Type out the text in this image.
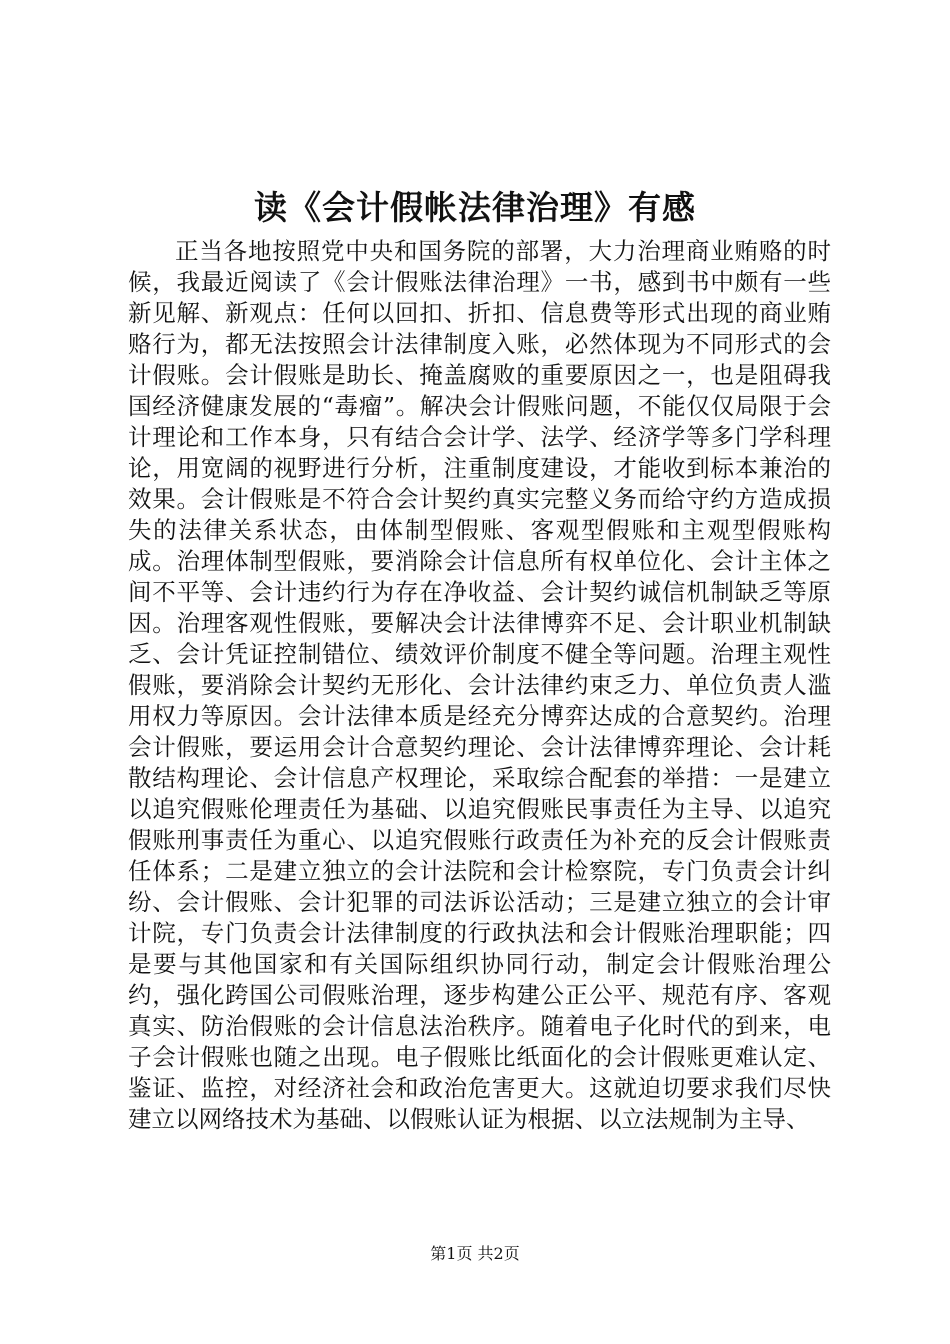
读《会计假帐法律治理》有感

正当各地按照党中央和国务院的部署，大力治理商业贿赂的时候，我最近阅读了《会计假账法律治理》一书，感到书中颇有一些新见解、新观点：任何以回扣、折扣、信息费等形式出现的商业贿赂行为，都无法按照会计法律制度入账，必然体现为不同形式的会计假账。会计假账是助长、掩盖腐败的重要原因之一，也是阻碍我国经济健康发展的“毒瘤”。解决会计假账问题，不能仅仅局限于会计理论和工作本身，只有结合会计学、法学、经济学等多门学科理论，用宽阔的视野进行分析，注重制度建设，才能收到标本兼治的效果。会计假账是不符合会计契约真实完整义务而给守约方造成损失的法律关系状态，由体制型假账、客观型假账和主观型假账构成。治理体制型假账，要消除会计信息所有权单位化、会计主体之间不平等、会计违约行为存在净收益、会计契约诚信机制缺乏等原因。治理客观性假账，要解决会计法律博弈不足、会计职业机制缺乏、会计凭证控制错位、绩效评价制度不健全等问题。治理主观性假账，要消除会计契约无形化、会计法律约束乏力、单位负责人滥用权力等原因。会计法律本质是经充分博弈达成的合意契约。治理会计假账，要运用会计合意契约理论、会计法律博弈理论、会计耗散结构理论、会计信息产权理论，采取综合配套的举措：一是建立以追究假账伦理责任为基础、以追究假账民事责任为主导、以追究假账刑事责任为重心、以追究假账行政责任为补充的反会计假账责任体系；二是建立独立的会计法院和会计检察院，专门负责会计纠纷、会计假账、会计犯罪的司法诉讼活动；三是建立独立的会计审计院，专门负责会计法律制度的行政执法和会计假账治理职能；四是要与其他国家和有关国际组织协同行动，制定会计假账治理公约，强化跨国公司假账治理，逐步构建公正公平、规范有序、客观真实、防治假账的会计信息法治秩序。随着电子化时代的到来，电子会计假账也随之出现。电子假账比纸面化的会计假账更难认定、鉴证、监控，对经济社会和政治危害更大。这就迫切要求我们尽快建立以网络技术为基础、以假账认证为根据、以立法规制为主导、

第1页 共2页
